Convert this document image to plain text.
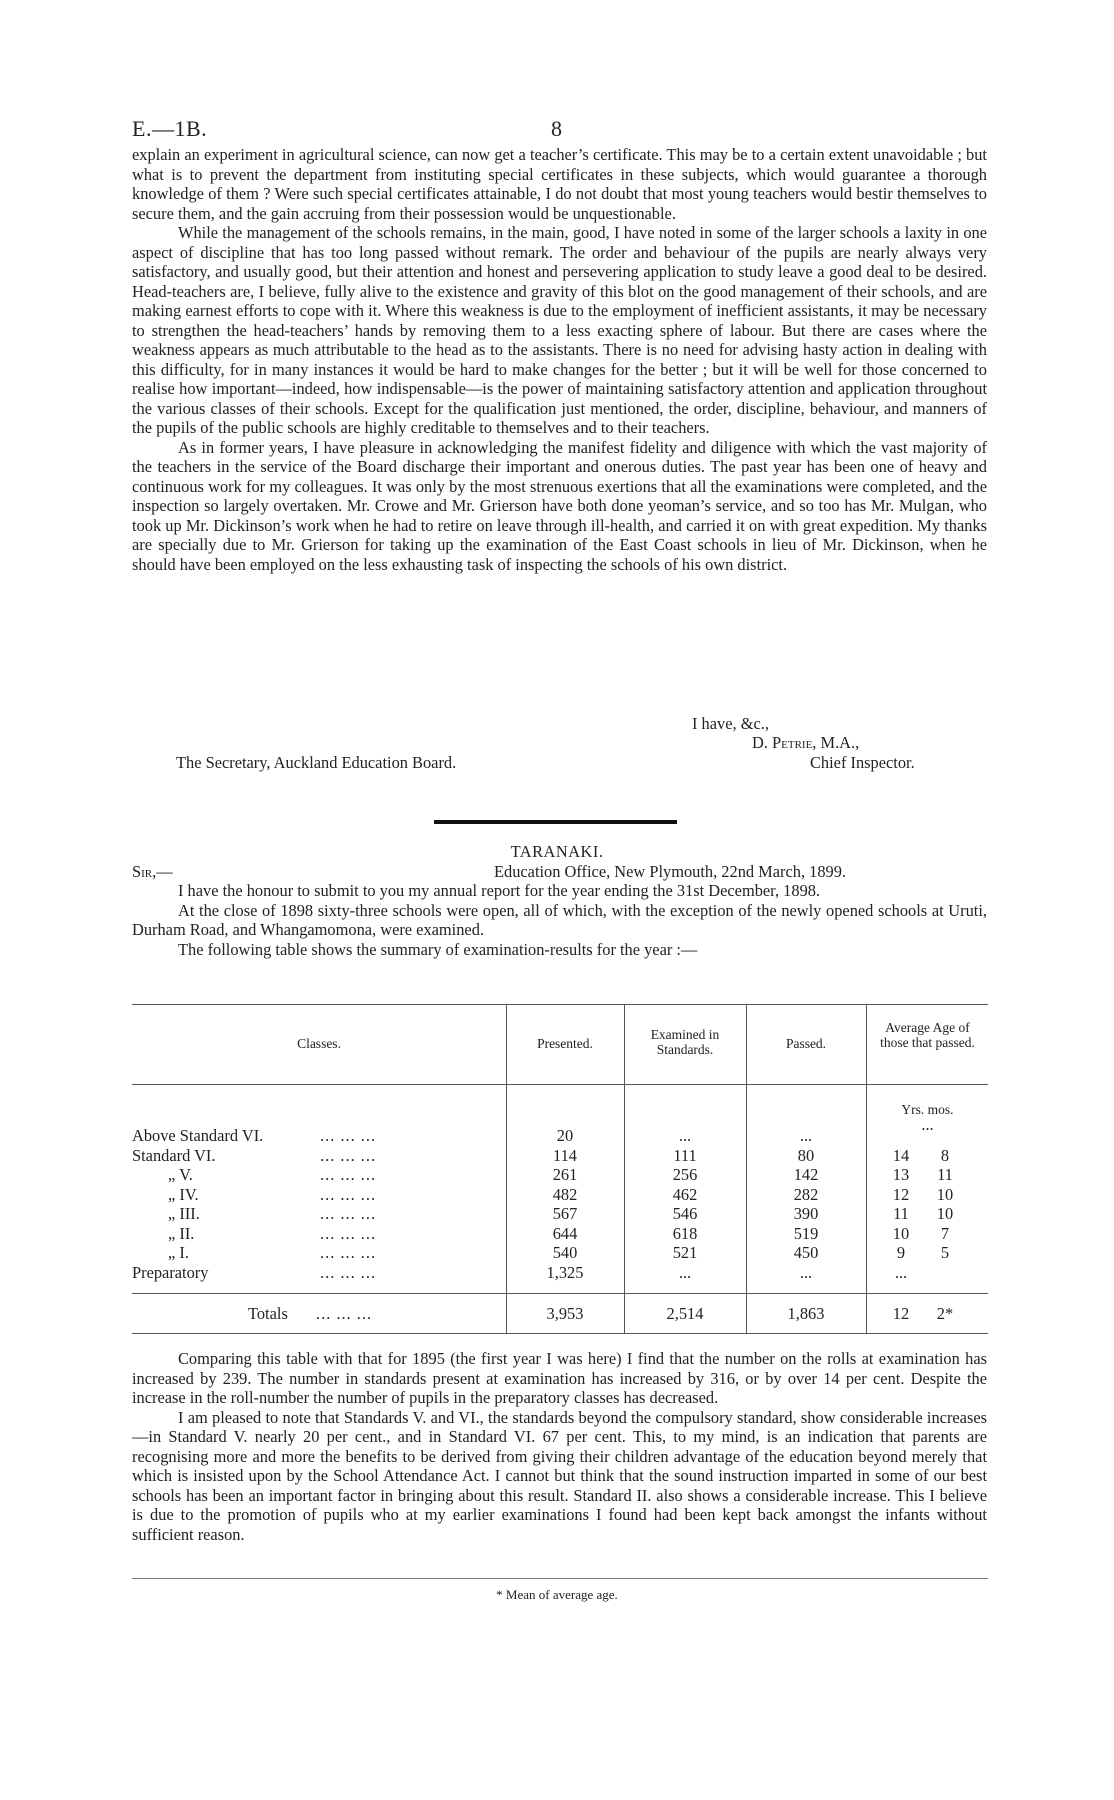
E.—1B.	8

explain an experiment in agricultural science, can now get a teacher’s certificate. This may be to a certain extent unavoidable ; but what is to prevent the department from instituting special certificates in these subjects, which would guarantee a thorough knowledge of them ? Were such special certificates attainable, I do not doubt that most young teachers would bestir themselves to secure them, and the gain accruing from their possession would be unquestionable.

While the management of the schools remains, in the main, good, I have noted in some of the larger schools a laxity in one aspect of discipline that has too long passed without remark. The order and behaviour of the pupils are nearly always very satisfactory, and usually good, but their attention and honest and persevering application to study leave a good deal to be desired. Head-teachers are, I believe, fully alive to the existence and gravity of this blot on the good management of their schools, and are making earnest efforts to cope with it. Where this weakness is due to the employment of inefficient assistants, it may be necessary to strengthen the head-teachers’ hands by removing them to a less exacting sphere of labour. But there are cases where the weakness appears as much attributable to the head as to the assistants. There is no need for advising hasty action in dealing with this difficulty, for in many instances it would be hard to make changes for the better ; but it will be well for those concerned to realise how important—indeed, how indispensable—is the power of maintaining satisfactory attention and application throughout the various classes of their schools. Except for the qualification just mentioned, the order, discipline, behaviour, and manners of the pupils of the public schools are highly creditable to themselves and to their teachers.

As in former years, I have pleasure in acknowledging the manifest fidelity and diligence with which the vast majority of the teachers in the service of the Board discharge their important and onerous duties. The past year has been one of heavy and continuous work for my colleagues. It was only by the most strenuous exertions that all the examinations were completed, and the inspection so largely overtaken. Mr. Crowe and Mr. Grierson have both done yeoman’s service, and so too has Mr. Mulgan, who took up Mr. Dickinson’s work when he had to retire on leave through ill-health, and carried it on with great expedition. My thanks are specially due to Mr. Grierson for taking up the examination of the East Coast schools in lieu of Mr. Dickinson, when he should have been employed on the less exhausting task of inspecting the schools of his own district.

I have, &c.,
D. Petrie, M.A.,
The Secretary, Auckland Education Board.	Chief Inspector.
TARANAKI.
Sir,—	Education Office, New Plymouth, 22nd March, 1899.

I have the honour to submit to you my annual report for the year ending the 31st December, 1898.

At the close of 1898 sixty-three schools were open, all of which, with the exception of the newly opened schools at Uruti, Durham Road, and Whangamomona, were examined.

The following table shows the summary of examination-results for the year :—

Classes.	Presented.
Examined in Standards.	Passed.
Average Age of those that passed.
Yrs. mos.
...
Above Standard VI.	... ... ...	20	...	...
Standard VI.	... ... ...	114	111	80	14	8
„ V.	... ... ...	261	256	142	13	11
„ IV.	... ... ...	482	462	282	12	10
„ III.	... ... ...	567	546	390	11	10
„ II.	... ... ...	644	618	519	10	7
„ I.	... ... ...	540	521	450	9	5
Preparatory	... ... ...	1,325	...	...	...
Totals ... ... ...	3,953	2,514	1,863	12	2*

Comparing this table with that for 1895 (the first year I was here) I find that the number on the rolls at examination has increased by 239. The number in standards present at examination has increased by 316, or by over 14 per cent. Despite the increase in the roll-number the number of pupils in the preparatory classes has decreased.

I am pleased to note that Standards V. and VI., the standards beyond the compulsory standard, show considerable increases—in Standard V. nearly 20 per cent., and in Standard VI. 67 per cent. This, to my mind, is an indication that parents are recognising more and more the benefits to be derived from giving their children advantage of the education beyond merely that which is insisted upon by the School Attendance Act. I cannot but think that the sound instruction imparted in some of our best schools has been an important factor in bringing about this result. Standard II. also shows a considerable increase. This I believe is due to the promotion of pupils who at my earlier examinations I found had been kept back amongst the infants without sufficient reason.

* Mean of average age.
